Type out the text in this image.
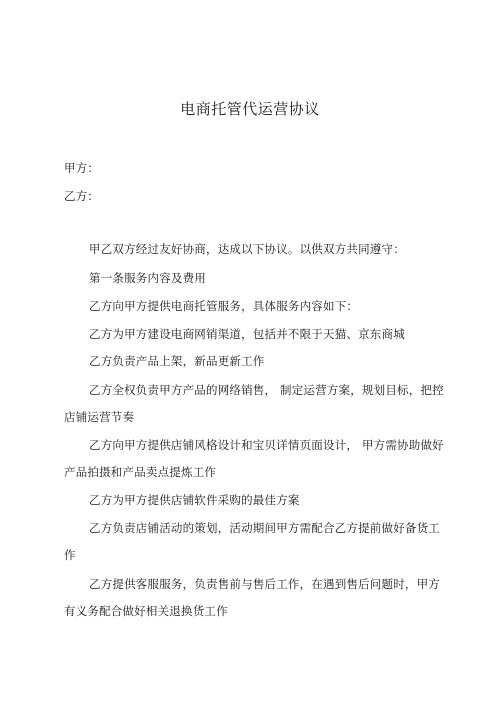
电商托管代运营协议
甲方：
乙方：
甲乙双方经过友好协商，达成以下协议。以供双方共同遵守：
第一条服务内容及费用
乙方向甲方提供电商托管服务，具体服务内容如下：
乙方为甲方建设电商网销渠道，包括并不限于天猫、京东商城
乙方负责产品上架，新品更新工作
乙方全权负责甲方产品的网络销售， 制定运营方案，规划目标，把控
店铺运营节奏
乙方向甲方提供店铺风格设计和宝贝详情页面设计， 甲方需协助做好
产品拍摄和产品卖点提炼工作
乙方为甲方提供店铺软件采购的最佳方案
乙方负责店铺活动的策划，活动期间甲方需配合乙方提前做好备货工
作
乙方提供客服服务，负责售前与售后工作，在遇到售后问题时，甲方
有义务配合做好相关退换货工作
